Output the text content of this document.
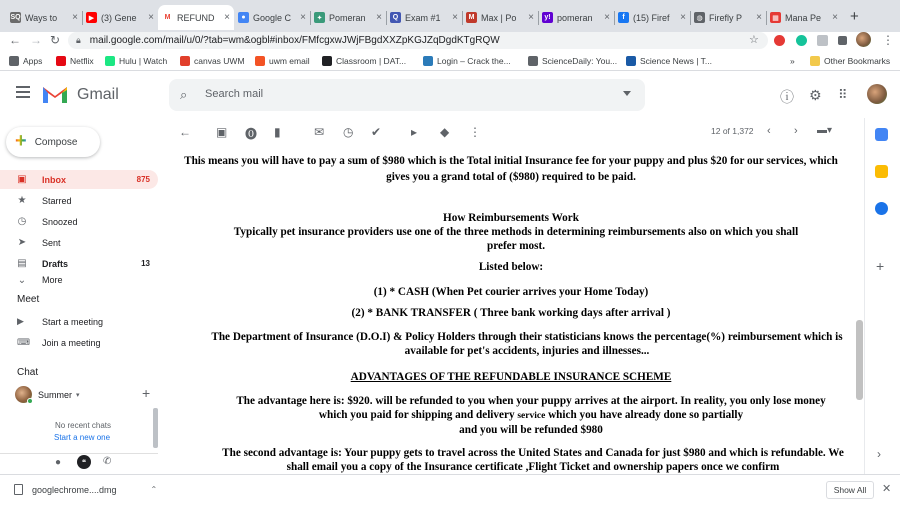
SQ Ways to	×	▶ (3) Gene	×	M REFUND ×	● Google C ×	✦ Pomeran	×	Q Exam #1	×	M Max | Po	×	y! pomeran	×	f (15) Firef	×	◍ Firefly P	×	▦ Mana Pe	× +
← → ↻ 🔒︎ mail.google.com/mail/u/0/?tab=wm&ogbl#inbox/FMfcgxwJWjFBgdXXZpKGJZqDgdKTgRQW	☆	⋮
Apps	Netflix	Hulu | Watch	canvas UWM	uwm email	Classroom | DAT...	Login – Crack the...	ScienceDaily: You...	Science News | T...	»	Other Bookmarks
Gmail	⌕ Search mail	ⓘ ⚙ ⠿
+ Compose
▣ Inbox	875
★ Starred
◷ Snoozed
➤ Sent
▤ Drafts	13
⌄ More
Meet
▶	Start a meeting
⌨ Join a meeting
Chat
Summer ▾	+
No recent chats
Start a new one
●	❝	✆
← ▣ ⓿ ▮	✉ ◷ ✔ ▸ ◆ ⋮	12 of 1,372 ‹ › ▬▾
This means you will have to pay a sum of $980 which is the Total initial Insurance fee for your puppy and plus $20 for our services, which gives you a grand total of ($980) required to be paid.
How Reimbursements Work
Typically pet insurance providers use one of the three methods in determining reimbursements also on which you shall prefer most.
Listed below:
(1) * CASH (When Pet courier arrives your Home Today)
(2) * BANK TRANSFER ( Three bank working days after arrival )
The Department of Insurance (D.O.I) & Policy Holders through their statisticians knows the percentage(%) reimbursement which is available for pet's accidents, injuries and illnesses...
ADVANTAGES OF THE REFUNDABLE INSURANCE SCHEME
The advantage here is: $920. will be refunded to you when your puppy arrives at the airport. In reality, you only lose money which you paid for shipping and delivery service which you have already done so partially
and you will be refunded $980
The second advantage is: Your puppy gets to travel across the United States and Canada for just $980 and which is refundable. We shall email you a copy of the Insurance certificate ,Flight Ticket and ownership papers once we confirm
+
›
googlechrome....dmg	⌃	Show All	✕
